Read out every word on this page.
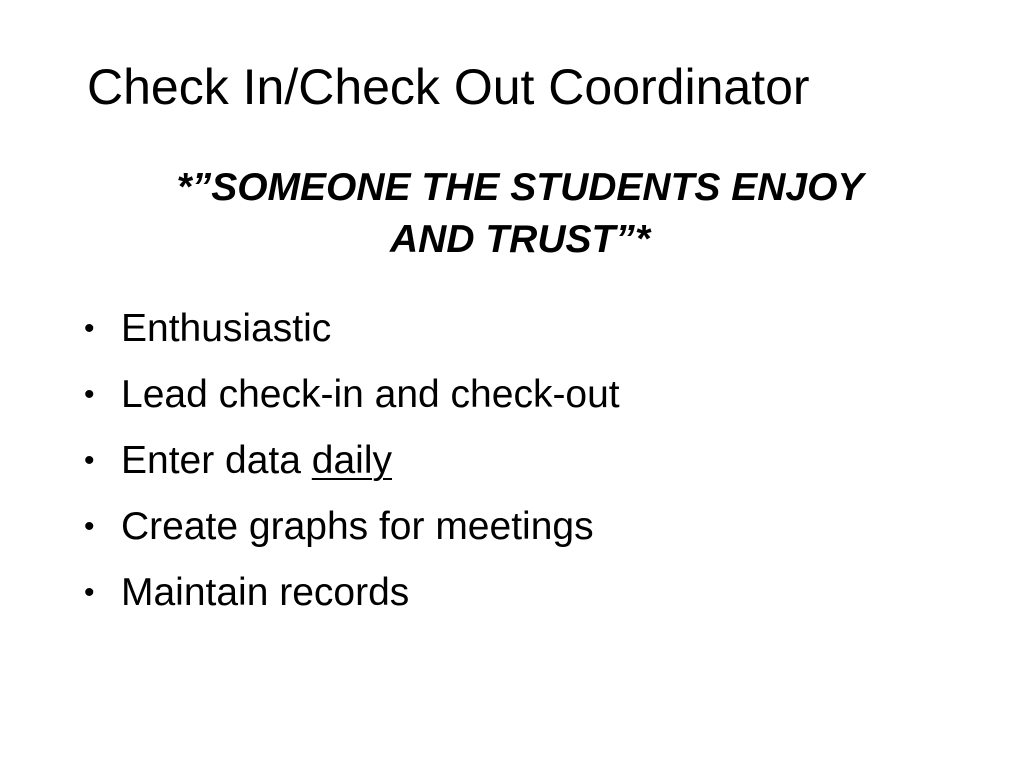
Check In/Check Out Coordinator
*”SOMEONE THE STUDENTS ENJOY
AND TRUST”*
• Enthusiastic
• Lead check-in and check-out
• Enter data daily
• Create graphs for meetings
• Maintain records
